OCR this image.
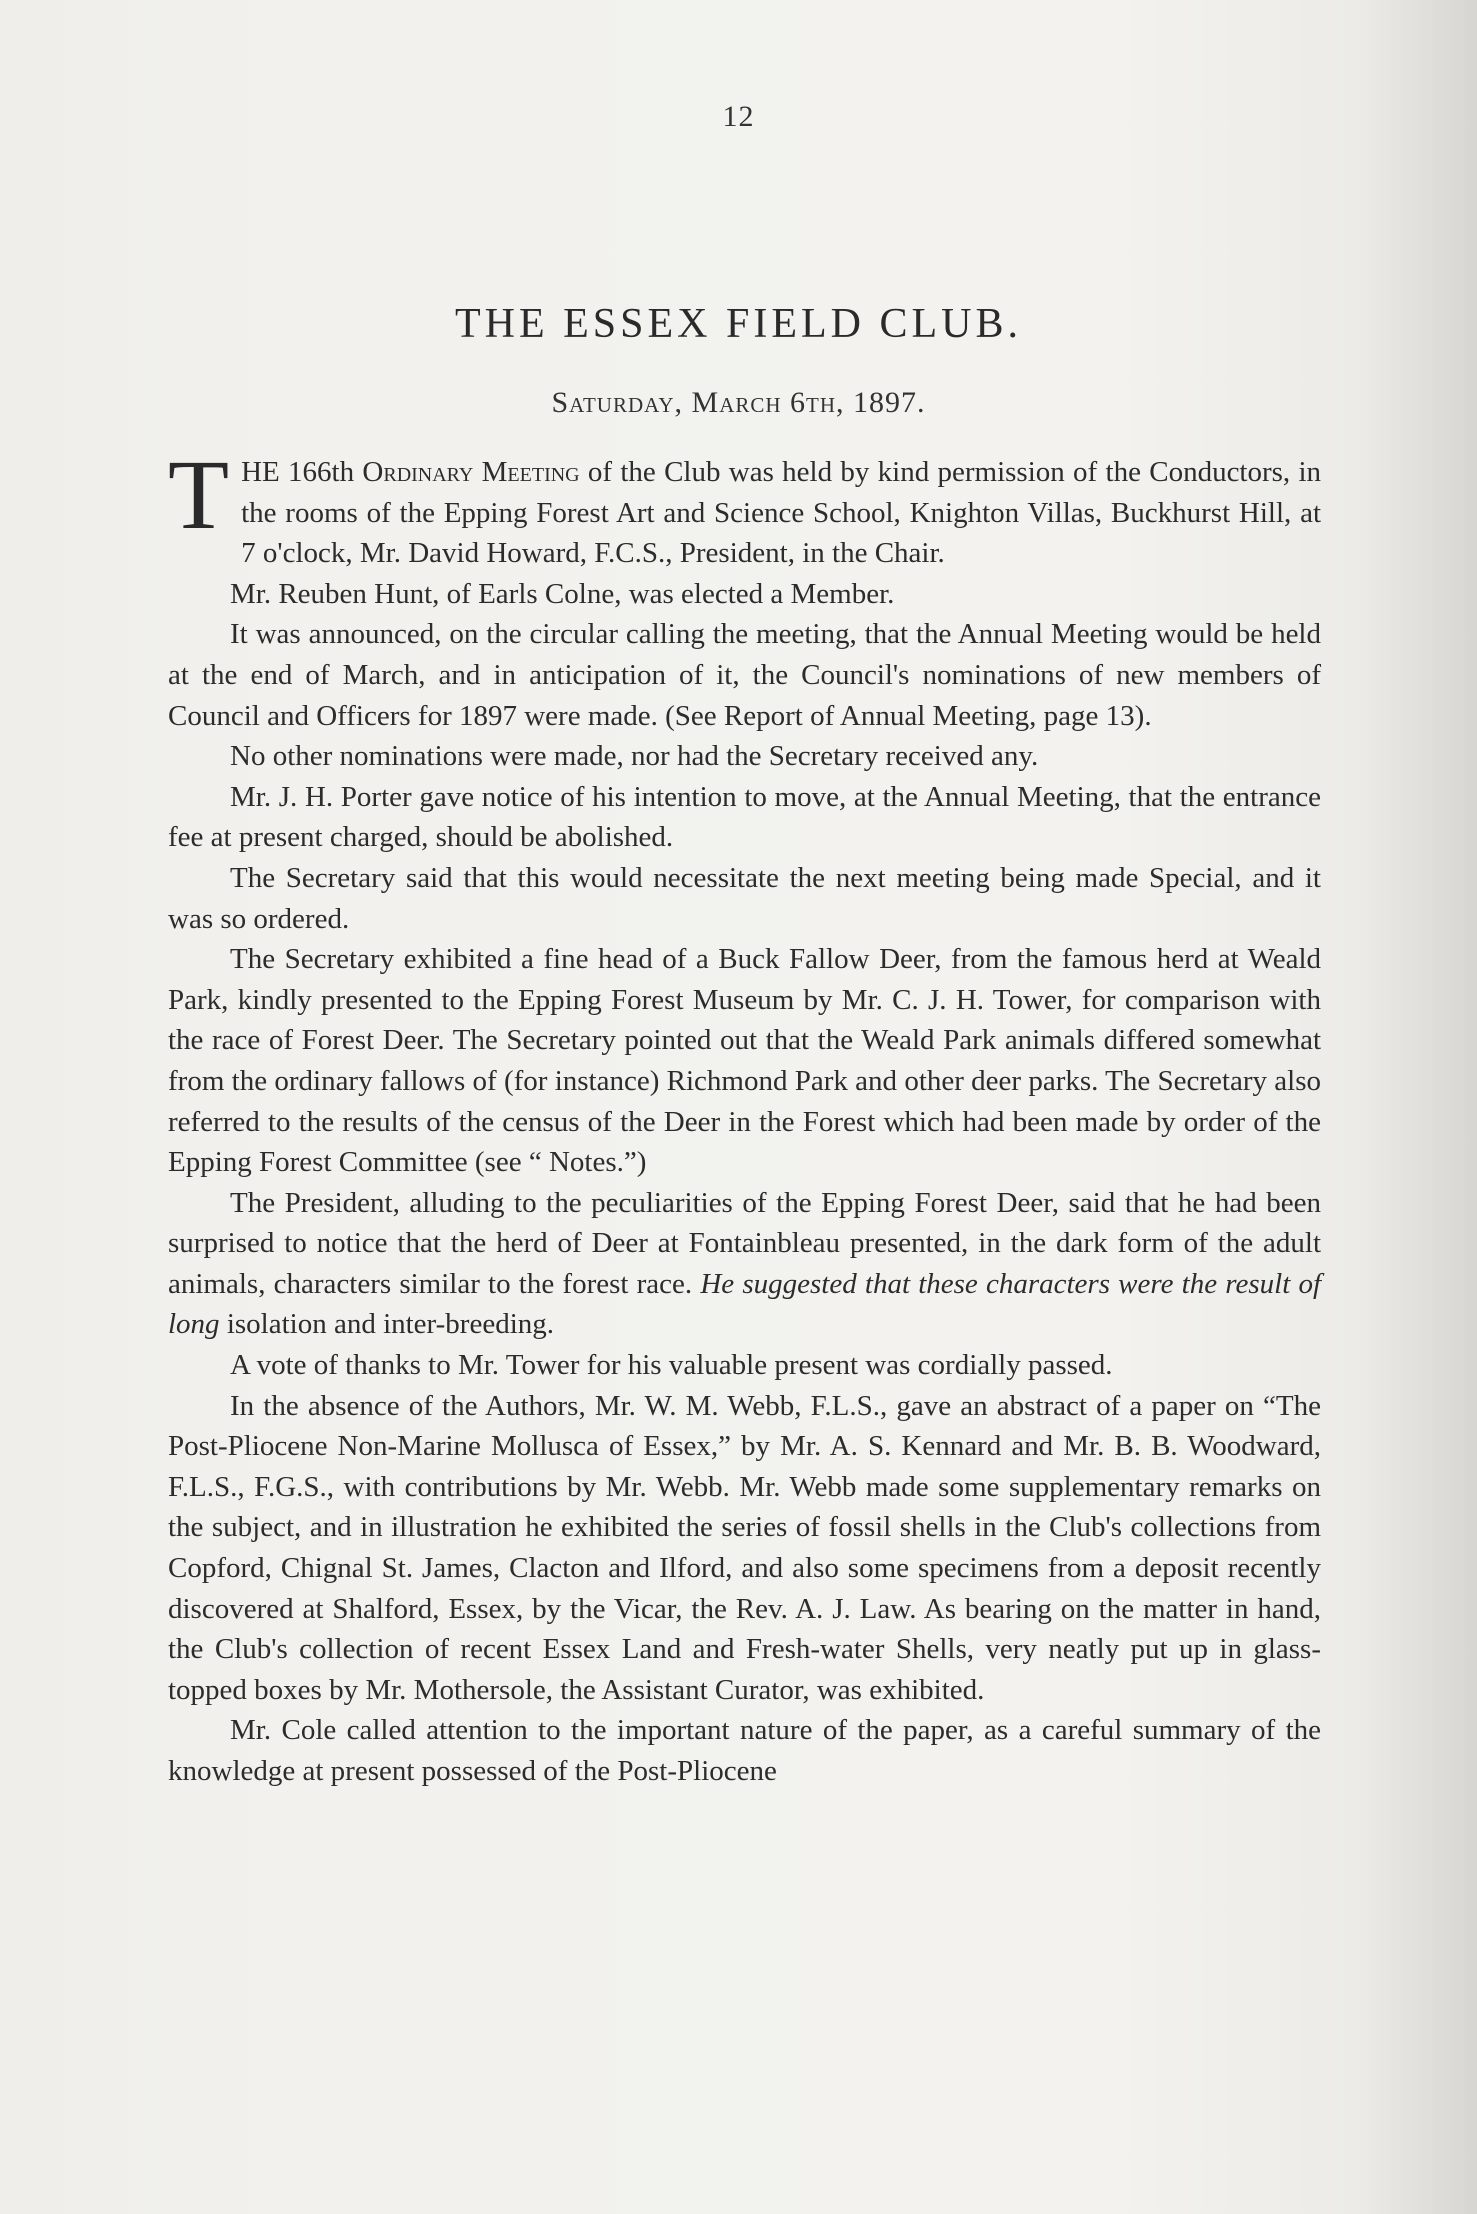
12
THE ESSEX FIELD CLUB.
Saturday, March 6th, 1897.

THE 166th Ordinary Meeting of the Club was held by kind permission of the Conductors, in the rooms of the Epping Forest Art and Science School, Knighton Villas, Buckhurst Hill, at 7 o'clock, Mr. David Howard, F.C.S., President, in the Chair.

Mr. Reuben Hunt, of Earls Colne, was elected a Member.

It was announced, on the circular calling the meeting, that the Annual Meeting would be held at the end of March, and in anticipation of it, the Council's nominations of new members of Council and Officers for 1897 were made. (See Report of Annual Meeting, page 13).

No other nominations were made, nor had the Secretary received any.

Mr. J. H. Porter gave notice of his intention to move, at the Annual Meeting, that the entrance fee at present charged, should be abolished.

The Secretary said that this would necessitate the next meeting being made Special, and it was so ordered.

The Secretary exhibited a fine head of a Buck Fallow Deer, from the famous herd at Weald Park, kindly presented to the Epping Forest Museum by Mr. C. J. H. Tower, for comparison with the race of Forest Deer. The Secretary pointed out that the Weald Park animals differed somewhat from the ordinary fallows of (for instance) Richmond Park and other deer parks. The Secretary also referred to the results of the census of the Deer in the Forest which had been made by order of the Epping Forest Committee (see “ Notes.”)

The President, alluding to the peculiarities of the Epping Forest Deer, said that he had been surprised to notice that the herd of Deer at Fontainbleau presented, in the dark form of the adult animals, characters similar to the forest race. He suggested that these characters were the result of long isolation and inter-breeding.

A vote of thanks to Mr. Tower for his valuable present was cordially passed.

In the absence of the Authors, Mr. W. M. Webb, F.L.S., gave an abstract of a paper on “The Post-Pliocene Non-Marine Mollusca of Essex,” by Mr. A. S. Kennard and Mr. B. B. Woodward, F.L.S., F.G.S., with contributions by Mr. Webb. Mr. Webb made some supplementary remarks on the subject, and in illustration he exhibited the series of fossil shells in the Club's collections from Copford, Chignal St. James, Clacton and Ilford, and also some specimens from a deposit recently discovered at Shalford, Essex, by the Vicar, the Rev. A. J. Law. As bearing on the matter in hand, the Club's collection of recent Essex Land and Fresh-water Shells, very neatly put up in glass-topped boxes by Mr. Mothersole, the Assistant Curator, was exhibited.

Mr. Cole called attention to the important nature of the paper, as a careful summary of the knowledge at present possessed of the Post-Pliocene
